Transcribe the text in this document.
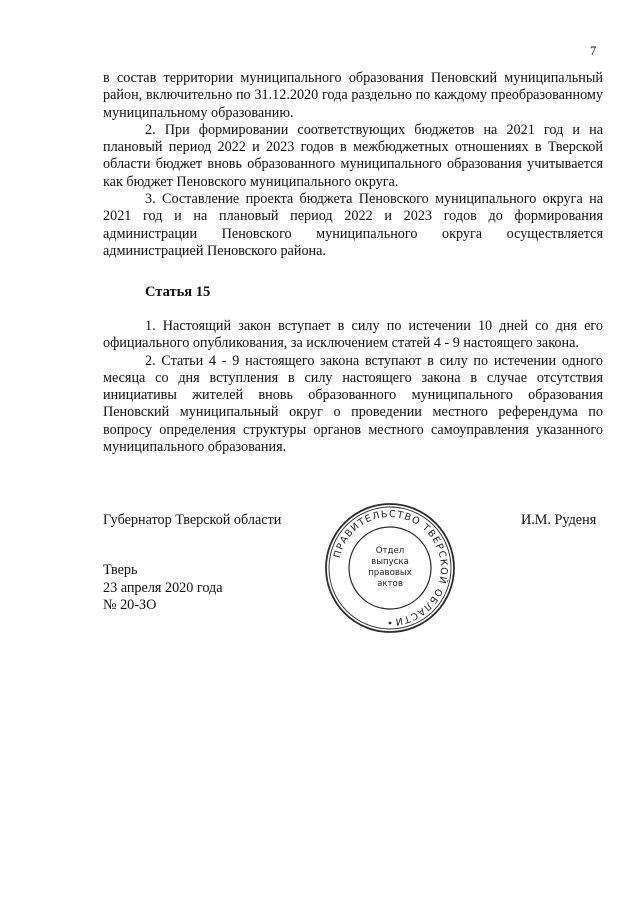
7

в состав территории муниципального образования Пеновский муниципальный район, включительно по 31.12.2020 года раздельно по каждому преобразованному муниципальному образованию.

2. При формировании соответствующих бюджетов на 2021 год и на плановый период 2022 и 2023 годов в межбюджетных отношениях в Тверской области бюджет вновь образованного муниципального образования учитывается как бюджет Пеновского муниципального округа.

3. Составление проекта бюджета Пеновского муниципального округа на 2021 год и на плановый период 2022 и 2023 годов до формирования администрации Пеновского муниципального округа осуществляется администрацией Пеновского района.

Статья 15

1. Настоящий закон вступает в силу по истечении 10 дней со дня его официального опубликования, за исключением статей 4 - 9 настоящего закона.

2. Статьи 4 - 9 настоящего закона вступают в силу по истечении одного месяца со дня вступления в силу настоящего закона в случае отсутствия инициативы жителей вновь образованного муниципального образования Пеновский муниципальный округ о проведении местного референдума по вопросу определения структуры органов местного самоуправления указанного муниципального образования.

Губернатор Тверской области	И.М. Руденя
Тверь
23 апреля 2020 года
№ 20-ЗО
ПРАВИТЕЛЬСТВО ТВЕРСКОЙ ОБЛАСТИ
Отдел
выпуска
правовых
актов
